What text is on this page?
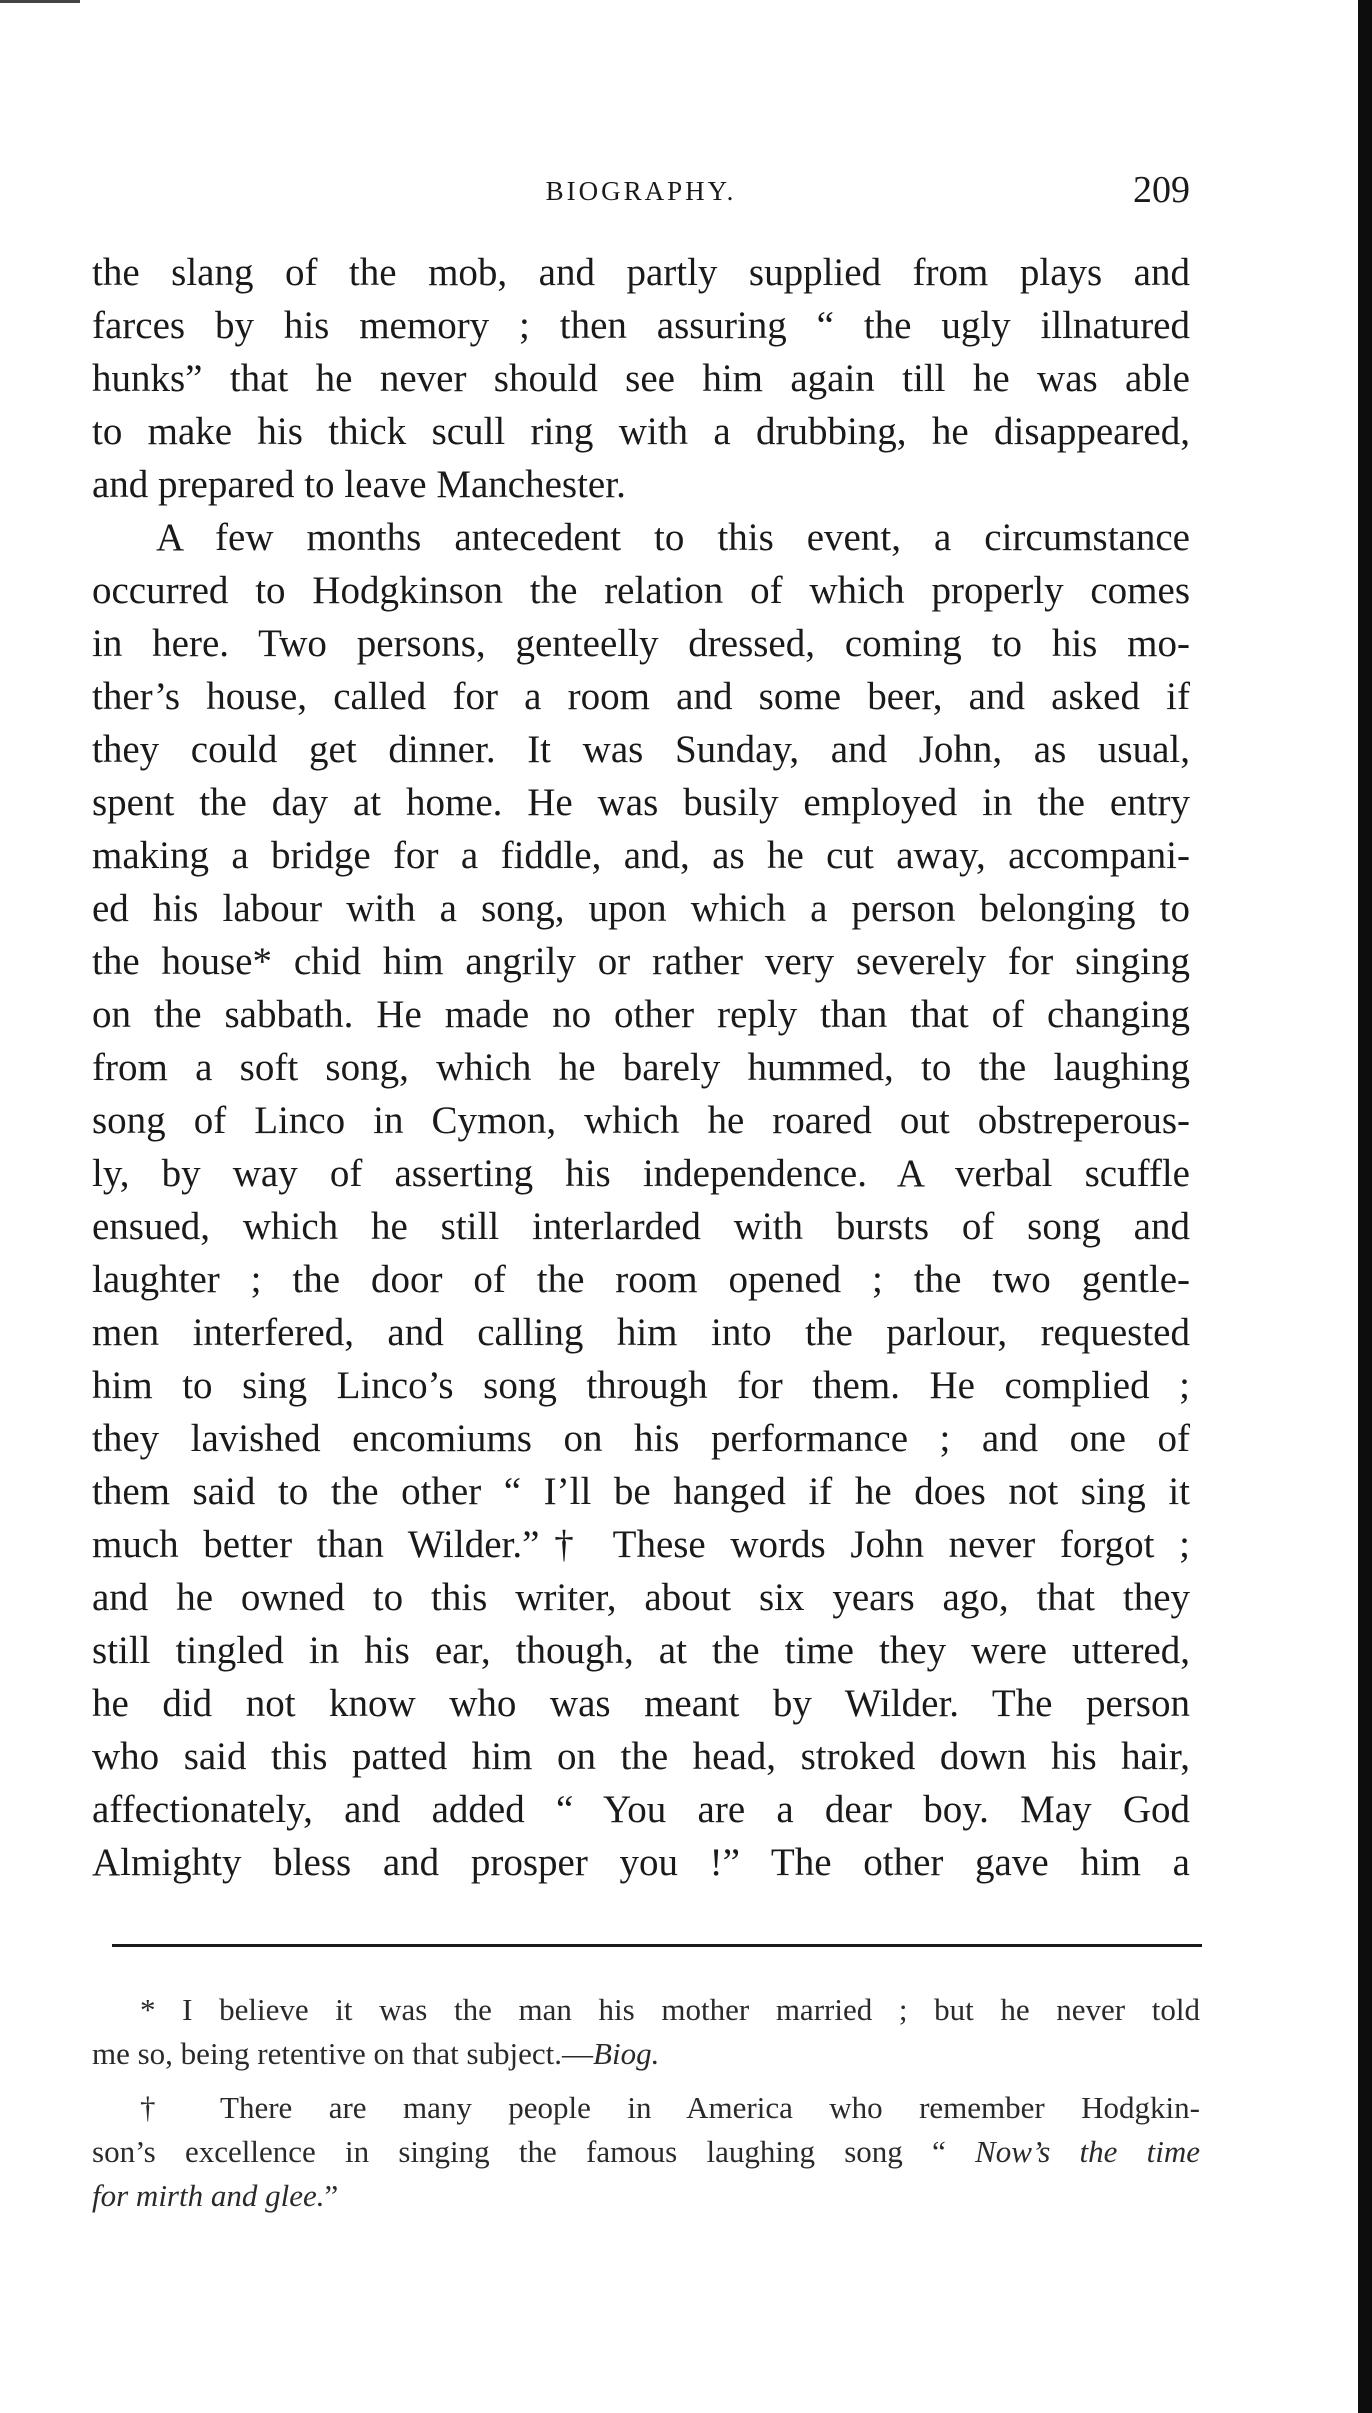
BIOGRAPHY.	209
the slang of the mob, and partly supplied from plays and
farces by his memory ; then assuring “ the ugly illnatured
hunks” that he never should see him again till he was able
to make his thick scull ring with a drubbing, he disappeared,
and prepared to leave Manchester.
A few months antecedent to this event, a circumstance
occurred to Hodgkinson the relation of which properly comes
in here. Two persons, genteelly dressed, coming to his mo-
ther’s house, called for a room and some beer, and asked if
they could get dinner. It was Sunday, and John, as usual,
spent the day at home. He was busily employed in the entry
making a bridge for a fiddle, and, as he cut away, accompani-
ed his labour with a song, upon which a person belonging to
the house* chid him angrily or rather very severely for singing
on the sabbath. He made no other reply than that of changing
from a soft song, which he barely hummed, to the laughing
song of Linco in Cymon, which he roared out obstreperous-
ly, by way of asserting his independence. A verbal scuffle
ensued, which he still interlarded with bursts of song and
laughter ; the door of the room opened ; the two gentle-
men interfered, and calling him into the parlour, requested
him to sing Linco’s song through for them. He complied ;
they lavished encomiums on his performance ; and one of
them said to the other “ I’ll be hanged if he does not sing it
much better than Wilder.”† These words John never forgot ;
and he owned to this writer, about six years ago, that they
still tingled in his ear, though, at the time they were uttered,
he did not know who was meant by Wilder. The person
who said this patted him on the head, stroked down his hair,
affectionately, and added “ You are a dear boy. May God
Almighty bless and prosper you !” The other gave him a
* I believe it was the man his mother married ; but he never told
me so, being retentive on that subject.—Biog.
† There are many people in America who remember Hodgkin-
son’s excellence in singing the famous laughing song “ Now’s the time
for mirth and glee.”
